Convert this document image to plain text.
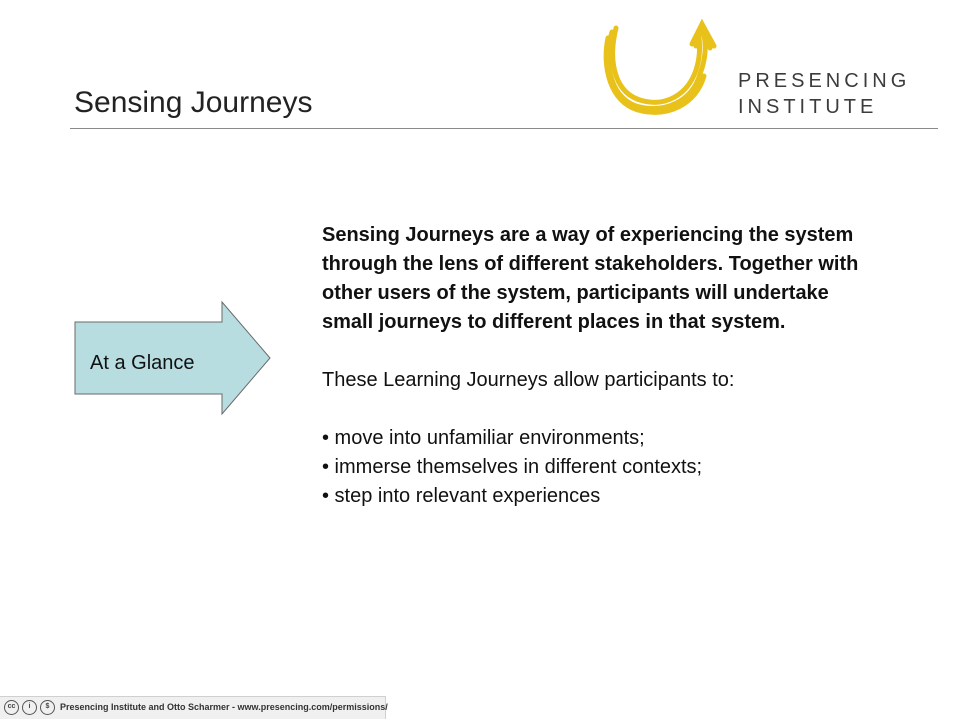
Sensing Journeys
PRESENCING
INSTITUTE
At a Glance

Sensing Journeys are a way of experiencing the system through the lens of different stakeholders. Together with other users of the system, participants will undertake small journeys to different places in that system.

These Learning Journeys allow participants to:

• move into unfamiliar environments;
• immerse themselves in different contexts;
• step into relevant experiences
cc	i	$	Presencing Institute and Otto Scharmer - www.presencing.com/permissions/
